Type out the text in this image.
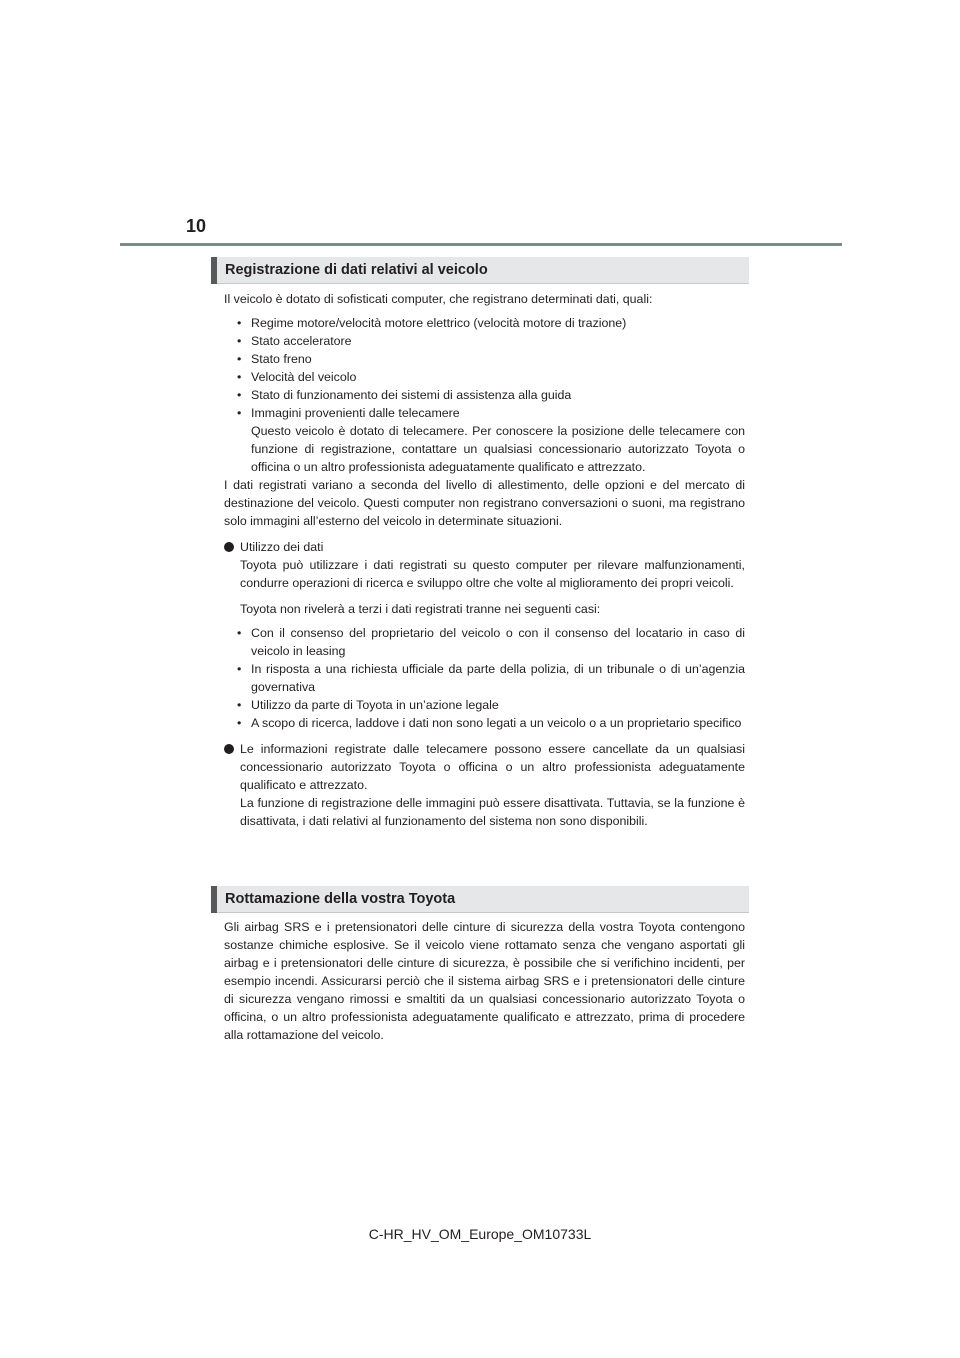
10
Registrazione di dati relativi al veicolo

Il veicolo è dotato di sofisticati computer, che registrano determinati dati, quali:

• Regime motore/velocità motore elettrico (velocità motore di trazione)
• Stato acceleratore
• Stato freno
• Velocità del veicolo
• Stato di funzionamento dei sistemi di assistenza alla guida
• Immagini provenienti dalle telecamere
Questo veicolo è dotato di telecamere. Per conoscere la posizione delle telecamere con funzione di registrazione, contattare un qualsiasi concessionario autorizzato Toyota o officina o un altro professionista adeguatamente qualificato e attrezzato.

I dati registrati variano a seconda del livello di allestimento, delle opzioni e del mercato di destinazione del veicolo. Questi computer non registrano conversazioni o suoni, ma registrano solo immagini all’esterno del veicolo in determinate situazioni.

Utilizzo dei dati

Toyota può utilizzare i dati registrati su questo computer per rilevare malfunzionamenti, condurre operazioni di ricerca e sviluppo oltre che volte al miglioramento dei propri veicoli.

Toyota non rivelerà a terzi i dati registrati tranne nei seguenti casi:

• Con il consenso del proprietario del veicolo o con il consenso del locatario in caso di veicolo in leasing
• In risposta a una richiesta ufficiale da parte della polizia, di un tribunale o di un’agenzia governativa
• Utilizzo da parte di Toyota in un’azione legale
• A scopo di ricerca, laddove i dati non sono legati a un veicolo o a un proprietario specifico

Le informazioni registrate dalle telecamere possono essere cancellate da un qualsiasi concessionario autorizzato Toyota o officina o un altro professionista adeguatamente qualificato e attrezzato.

La funzione di registrazione delle immagini può essere disattivata. Tuttavia, se la funzione è disattivata, i dati relativi al funzionamento del sistema non sono disponibili.

Rottamazione della vostra Toyota

Gli airbag SRS e i pretensionatori delle cinture di sicurezza della vostra Toyota contengono sostanze chimiche esplosive. Se il veicolo viene rottamato senza che vengano asportati gli airbag e i pretensionatori delle cinture di sicurezza, è possibile che si verifichino incidenti, per esempio incendi. Assicurarsi perciò che il sistema airbag SRS e i pretensionatori delle cinture di sicurezza vengano rimossi e smaltiti da un qualsiasi concessionario autorizzato Toyota o officina, o un altro professionista adeguatamente qualificato e attrezzato, prima di procedere alla rottamazione del veicolo.

C-HR_HV_OM_Europe_OM10733L
